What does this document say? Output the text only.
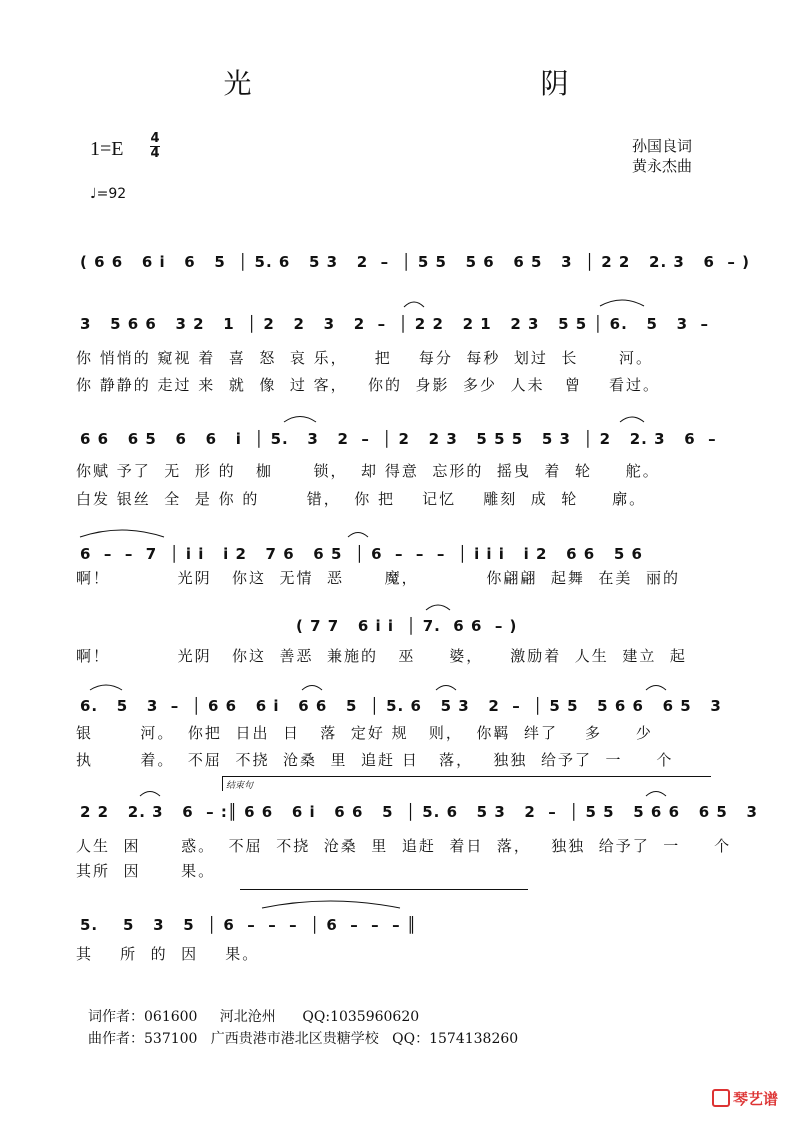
光 阴
1=E 4
4	孙国良词
黄永杰曲
♩=92
( 6 6   6 i   6   5  │ 5. 6   5 3   2  –  │ 5 5   5 6   6 5   3  │ 2 2   2. 3   6  – )
3   5 6 6   3 2   1  │ 2   2   3   2  –  │ 2 2   2 1   2 3   5 5 │ 6.   5   3  –
你 悄悄的 窥视 着  喜  怒  哀 乐，    把    每分  每秒  划过  长      河。
你 静静的 走过 来  就  像  过 客，   你的  身影  多少  人未   曾    看过。
6 6   6 5   6   6   i  │ 5.   3   2  –  │ 2   2 3   5 5 5   5 3  │ 2   2. 3   6  –
你赋 予了  无  形 的   枷      锁，  却 得意  忘形的  摇曳  着  轮     舵。
白发 银丝  全  是 你 的       错，  你 把    记忆    雕刻  成  轮     廓。
6  –  –  7  │ i i   i 2   7 6   6 5  │ 6  –  –  –  │ i i i   i 2   6 6   5 6
啊！          光阴   你这  无情  恶      魔，          你翩翩  起舞  在美  丽的
( 7 7   6 i i  │ 7.  6 6  – )
啊！          光阴   你这  善恶  兼施的   巫     婆，    激励着  人生  建立  起
6.   5   3  –  │ 6 6   6 i   6 6   5  │ 5. 6   5 3   2  –  │ 5 5   5 6 6   6 5   3
银       河。  你把  日出  日   落  定好 规   则，  你羁  绊了    多     少
执       着。  不屈  不挠  沧桑  里  追赶 日   落，   独独  给予了  一     个
结束句
2 2   2. 3   6  – :║ 6 6   6 i   6 6   5  │ 5. 6   5 3   2  –  │ 5 5   5 6 6   6 5   3
人生  困      惑。  不屈  不挠  沧桑  里  追赶  着日  落，   独独  给予了  一     个
其所  因      果。
5.    5   3   5  │ 6  –  –  –  │ 6  –  –  – ║
其    所  的  因    果。
词作者：061600     河北沧州      QQ:1035960620
曲作者：537100   广西贵港市港北区贵糖学校   QQ：1574138260
琴艺谱
